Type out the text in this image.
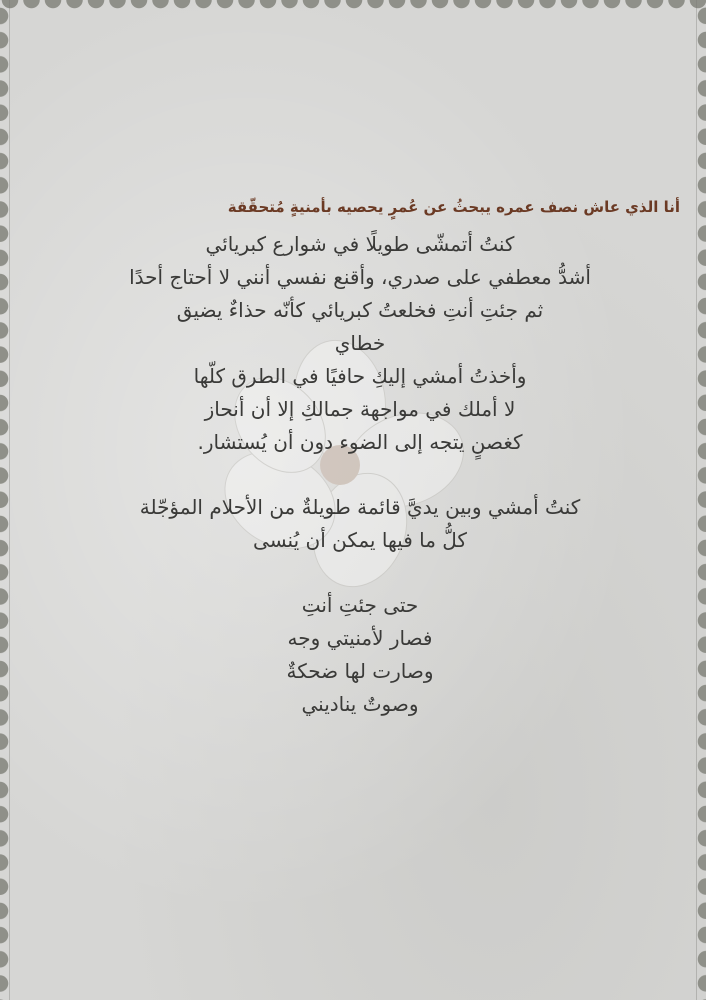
أنا الذي عاش نصف عمره يبحثُ عن عُمرٍ يحصيه بأمنيةٍ مُتحقّقة
كنتُ أتمشّى طويلًا في شوارع كبريائي
أشدُّ معطفي على صدري، وأقنع نفسي أنني لا أحتاج أحدًا
ثم جئتِ أنتِ فخلعتُ كبريائي كأنّه حذاءٌ يضيق
خطاي
وأخذتُ أمشي إليكِ حافيًا في الطرق كلّها
لا أملك في مواجهة جمالكِ إلا أن أنحاز
كغصنٍ يتجه إلى الضوء دون أن يُستشار.
كنتُ أمشي وبين يديَّ قائمة طويلةٌ من الأحلام المؤجّلة
كلُّ ما فيها يمكن أن يُنسى
حتى جئتِ أنتِ
فصار لأمنيتي وجه
وصارت لها ضحكةٌ
وصوتٌ يناديني
